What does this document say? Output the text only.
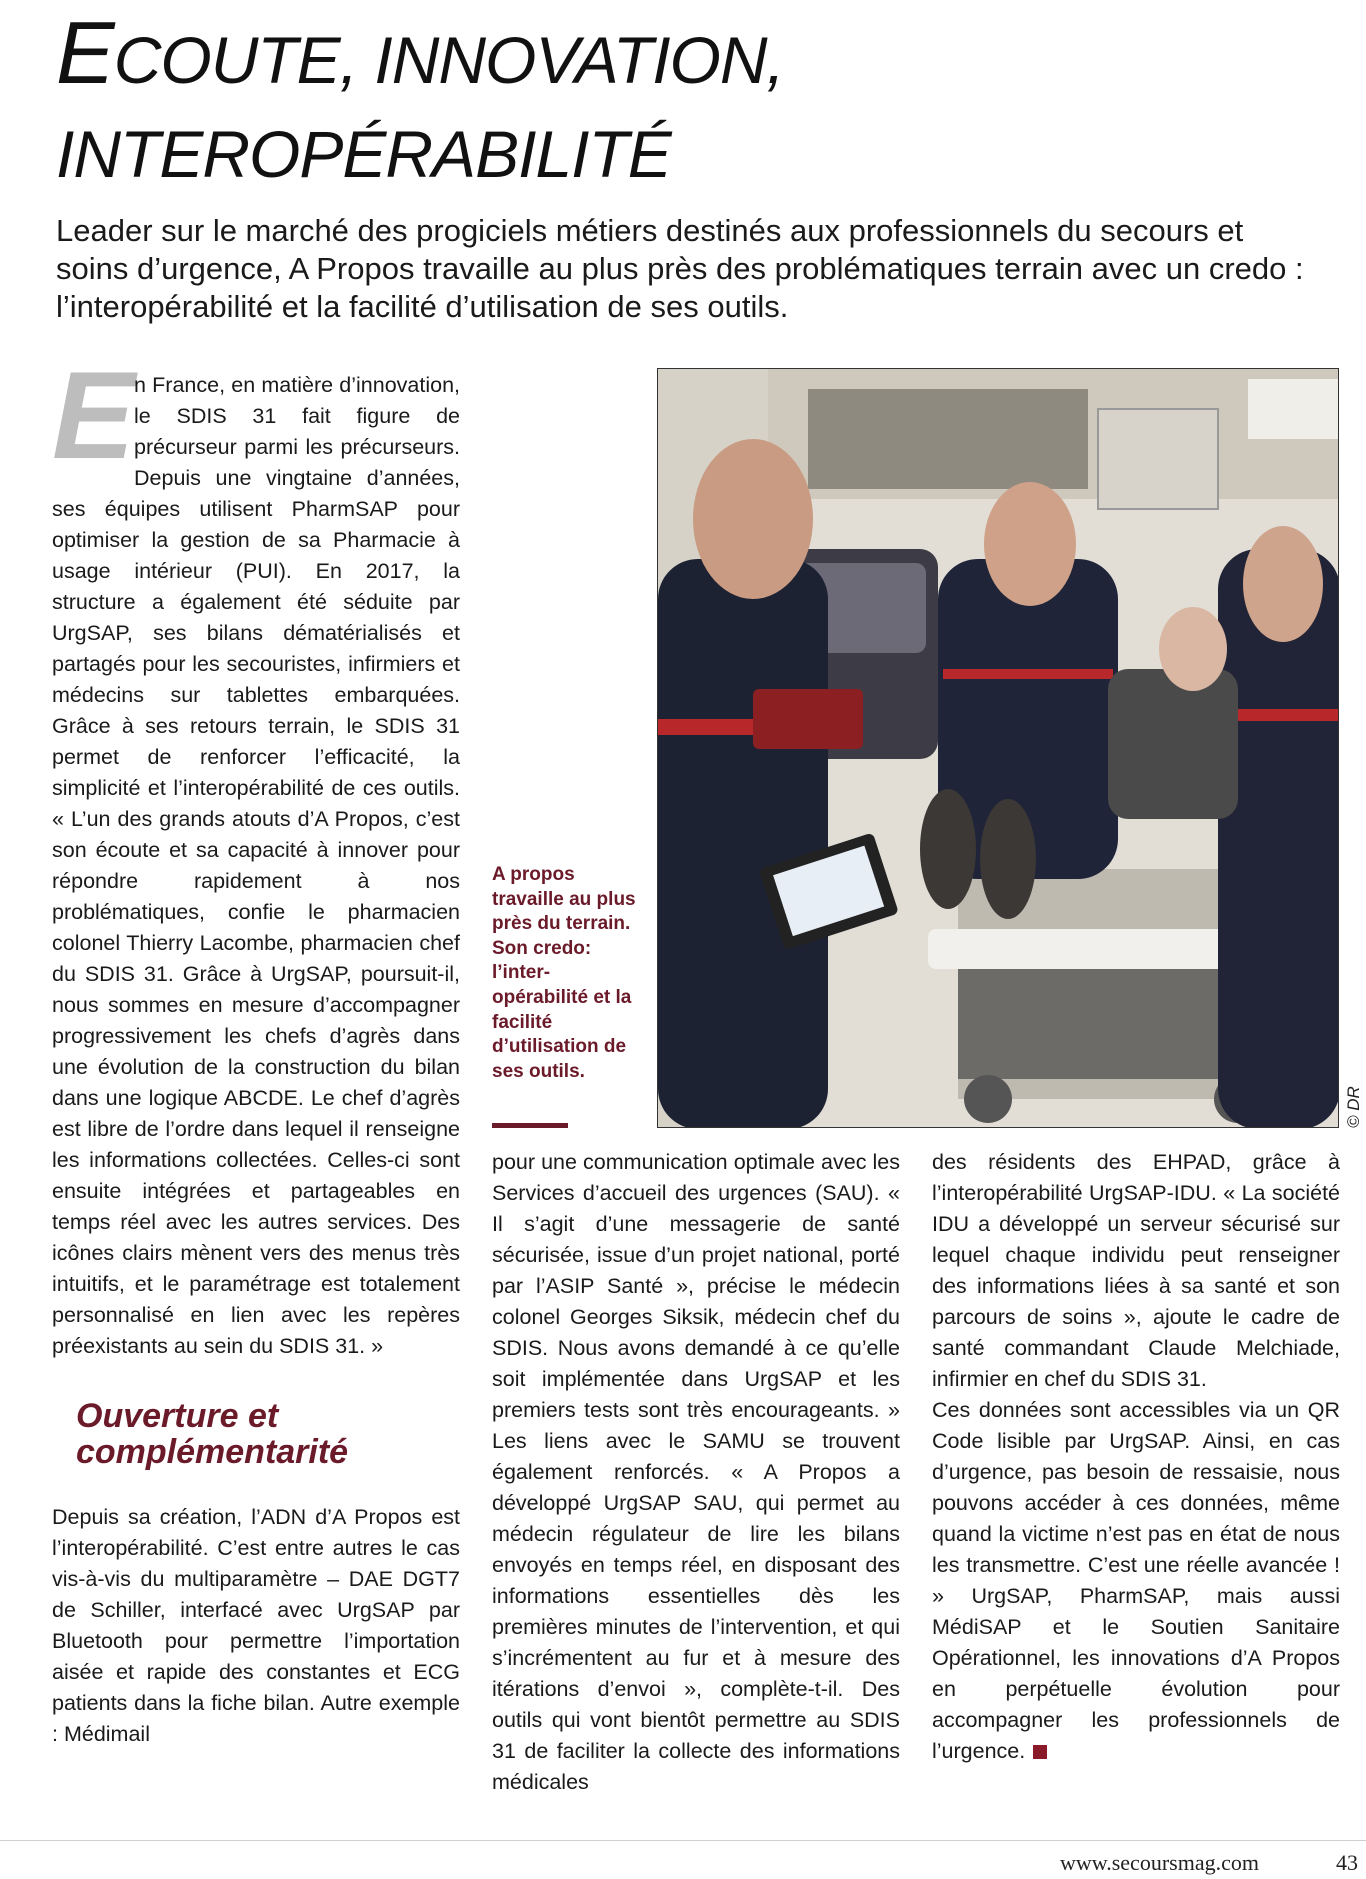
ECOUTE, INNOVATION,
INTEROPÉRABILITÉ

Leader sur le marché des progiciels métiers destinés aux professionnels du secours et soins d’urgence, A Propos travaille au plus près des problématiques terrain avec un credo : l’interopérabilité et la facilité d’utilisation de ses outils.

En France, en matière d’innovation, le SDIS 31 fait figure de précurseur parmi les précurseurs. Depuis une vingtaine d’années, ses équipes utilisent PharmSAP pour optimiser la gestion de sa Pharmacie à usage intérieur (PUI). En 2017, la structure a également été séduite par UrgSAP, ses bilans dématérialisés et partagés pour les secouristes, infirmiers et médecins sur tablettes embarquées. Grâce à ses retours terrain, le SDIS 31 permet de renforcer l’efficacité, la simplicité et l’interopérabilité de ces outils. « L’un des grands atouts d’A Propos, c’est son écoute et sa capacité à innover pour répondre rapidement à nos problématiques, confie le pharmacien colonel Thierry Lacombe, pharmacien chef du SDIS 31. Grâce à UrgSAP, poursuit-il, nous sommes en mesure d’accompagner progressivement les chefs d’agrès dans une évolution de la construction du bilan dans une logique ABCDE. Le chef d’agrès est libre de l’ordre dans lequel il renseigne les informations collectées. Celles-ci sont ensuite intégrées et partageables en temps réel avec les autres services. Des icônes clairs mènent vers des menus très intuitifs, et le paramétrage est totalement personnalisé en lien avec les repères préexistants au sein du SDIS 31. »

Ouverture et complémentarité

Depuis sa création, l’ADN d’A Propos est l’interopérabilité. C’est entre autres le cas vis-à-vis du multiparamètre – DAE DGT7 de Schiller, interfacé avec UrgSAP par Bluetooth pour permettre l’importation aisée et rapide des constantes et ECG patients dans la fiche bilan. Autre exemple : Médimail

A propos travaille au plus près du terrain. Son credo: l’inter-opérabilité et la facilité d’utilisation de ses outils.

© DR

pour une communication optimale avec les Services d’accueil des urgences (SAU). « Il s’agit d’une messagerie de santé sécurisée, issue d’un projet national, porté par l’ASIP Santé », précise le médecin colonel Georges Siksik, médecin chef du SDIS. Nous avons demandé à ce qu’elle soit implémentée dans UrgSAP et les premiers tests sont très encourageants. » Les liens avec le SAMU se trouvent également renforcés. « A Propos a développé UrgSAP SAU, qui permet au médecin régulateur de lire les bilans envoyés en temps réel, en disposant des informations essentielles dès les premières minutes de l’intervention, et qui s’incrémentent au fur et à mesure des itérations d’envoi », complète-t-il. Des outils qui vont bientôt permettre au SDIS 31 de faciliter la collecte des informations médicales

des résidents des EHPAD, grâce à l’interopérabilité UrgSAP-IDU. « La société IDU a développé un serveur sécurisé sur lequel chaque individu peut renseigner des informations liées à sa santé et son parcours de soins », ajoute le cadre de santé commandant Claude Melchiade, infirmier en chef du SDIS 31.

Ces données sont accessibles via un QR Code lisible par UrgSAP. Ainsi, en cas d’urgence, pas besoin de ressaisie, nous pouvons accéder à ces données, même quand la victime n’est pas en état de nous les transmettre. C’est une réelle avancée ! » UrgSAP, PharmSAP, mais aussi MédiSAP et le Soutien Sanitaire Opérationnel, les innovations d’A Propos en perpétuelle évolution pour accompagner les professionnels de l’urgence.

www.secoursmag.com	43
